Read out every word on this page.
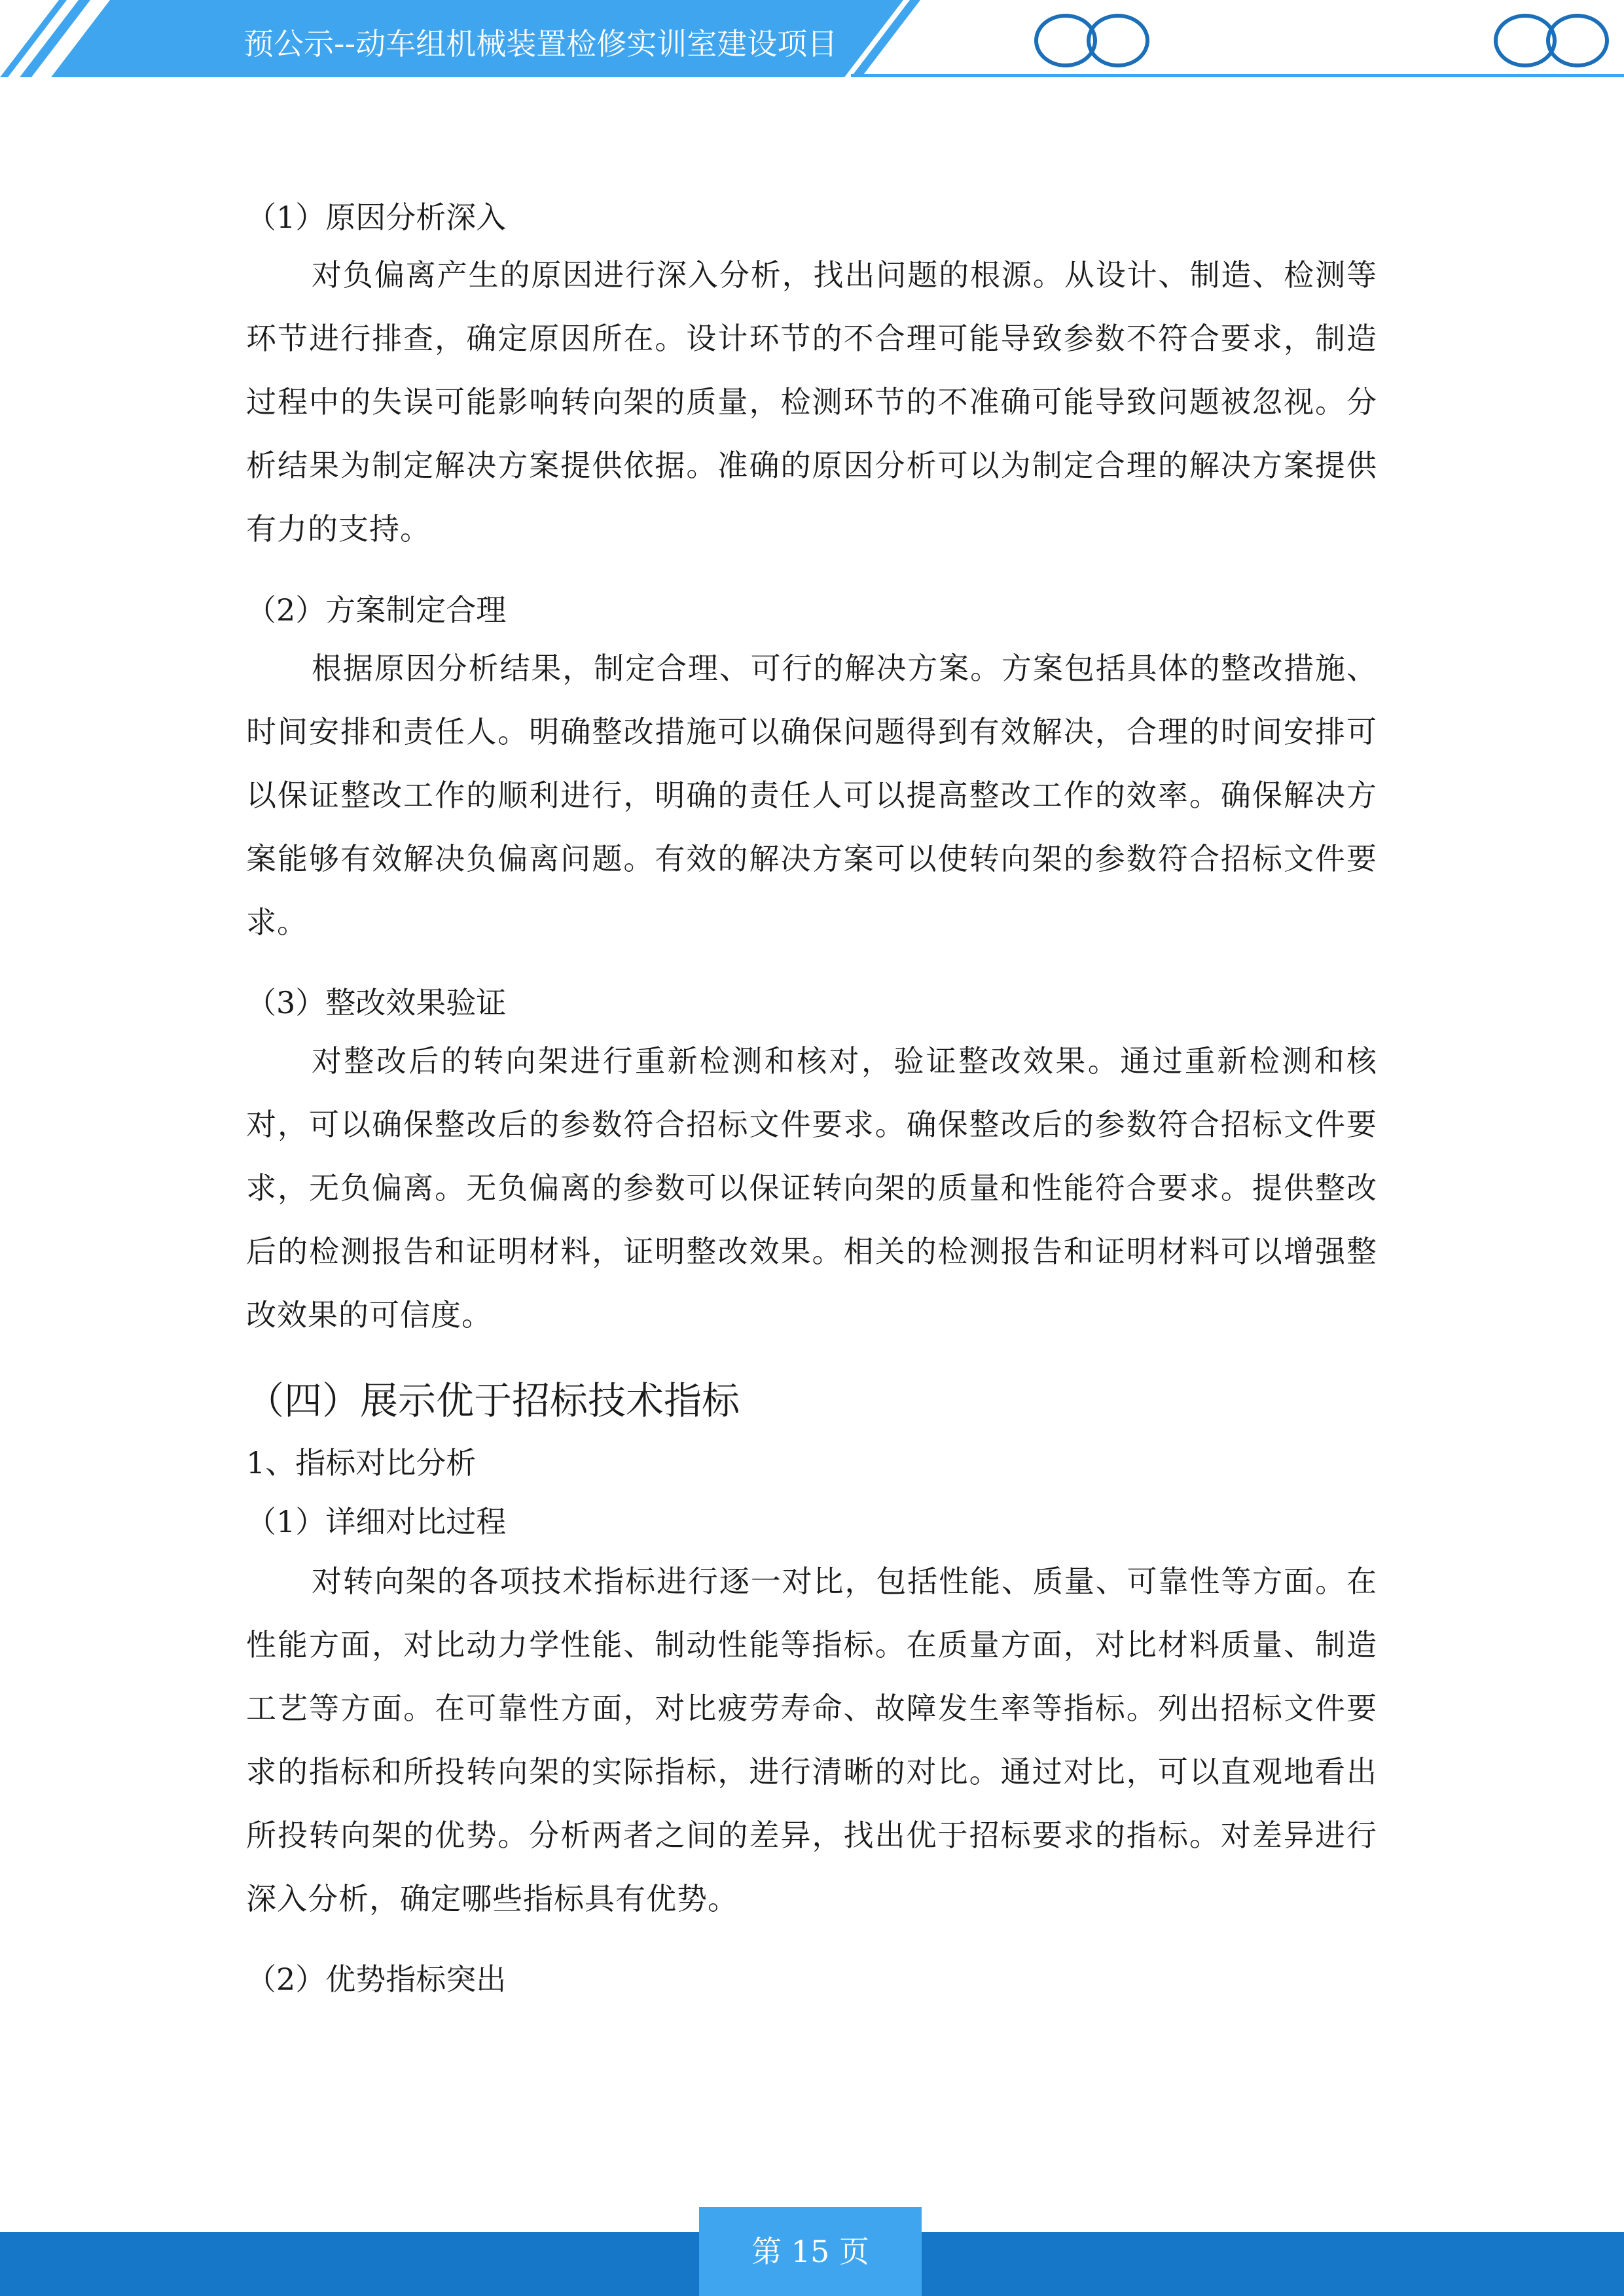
预公示--动车组机械装置检修实训室建设项目
（1）原因分析深入
对负偏离产生的原因进行深入分析，找出问题的根源。从设计、制造、检测等环节进行排查，确定原因所在。设计环节的不合理可能导致参数不符合要求，制造过程中的失误可能影响转向架的质量，检测环节的不准确可能导致问题被忽视。分析结果为制定解决方案提供依据。准确的原因分析可以为制定合理的解决方案提供有力的支持。
（2）方案制定合理
根据原因分析结果，制定合理、可行的解决方案。方案包括具体的整改措施、时间安排和责任人。明确整改措施可以确保问题得到有效解决，合理的时间安排可以保证整改工作的顺利进行，明确的责任人可以提高整改工作的效率。确保解决方案能够有效解决负偏离问题。有效的解决方案可以使转向架的参数符合招标文件要求。
（3）整改效果验证
对整改后的转向架进行重新检测和核对，验证整改效果。通过重新检测和核对，可以确保整改后的参数符合招标文件要求。确保整改后的参数符合招标文件要求，无负偏离。无负偏离的参数可以保证转向架的质量和性能符合要求。提供整改后的检测报告和证明材料，证明整改效果。相关的检测报告和证明材料可以增强整改效果的可信度。
（四）展示优于招标技术指标
1、指标对比分析
（1）详细对比过程
对转向架的各项技术指标进行逐一对比，包括性能、质量、可靠性等方面。在性能方面，对比动力学性能、制动性能等指标。在质量方面，对比材料质量、制造工艺等方面。在可靠性方面，对比疲劳寿命、故障发生率等指标。列出招标文件要求的指标和所投转向架的实际指标，进行清晰的对比。通过对比，可以直观地看出所投转向架的优势。分析两者之间的差异，找出优于招标要求的指标。对差异进行深入分析，确定哪些指标具有优势。
（2）优势指标突出
第 15 页
